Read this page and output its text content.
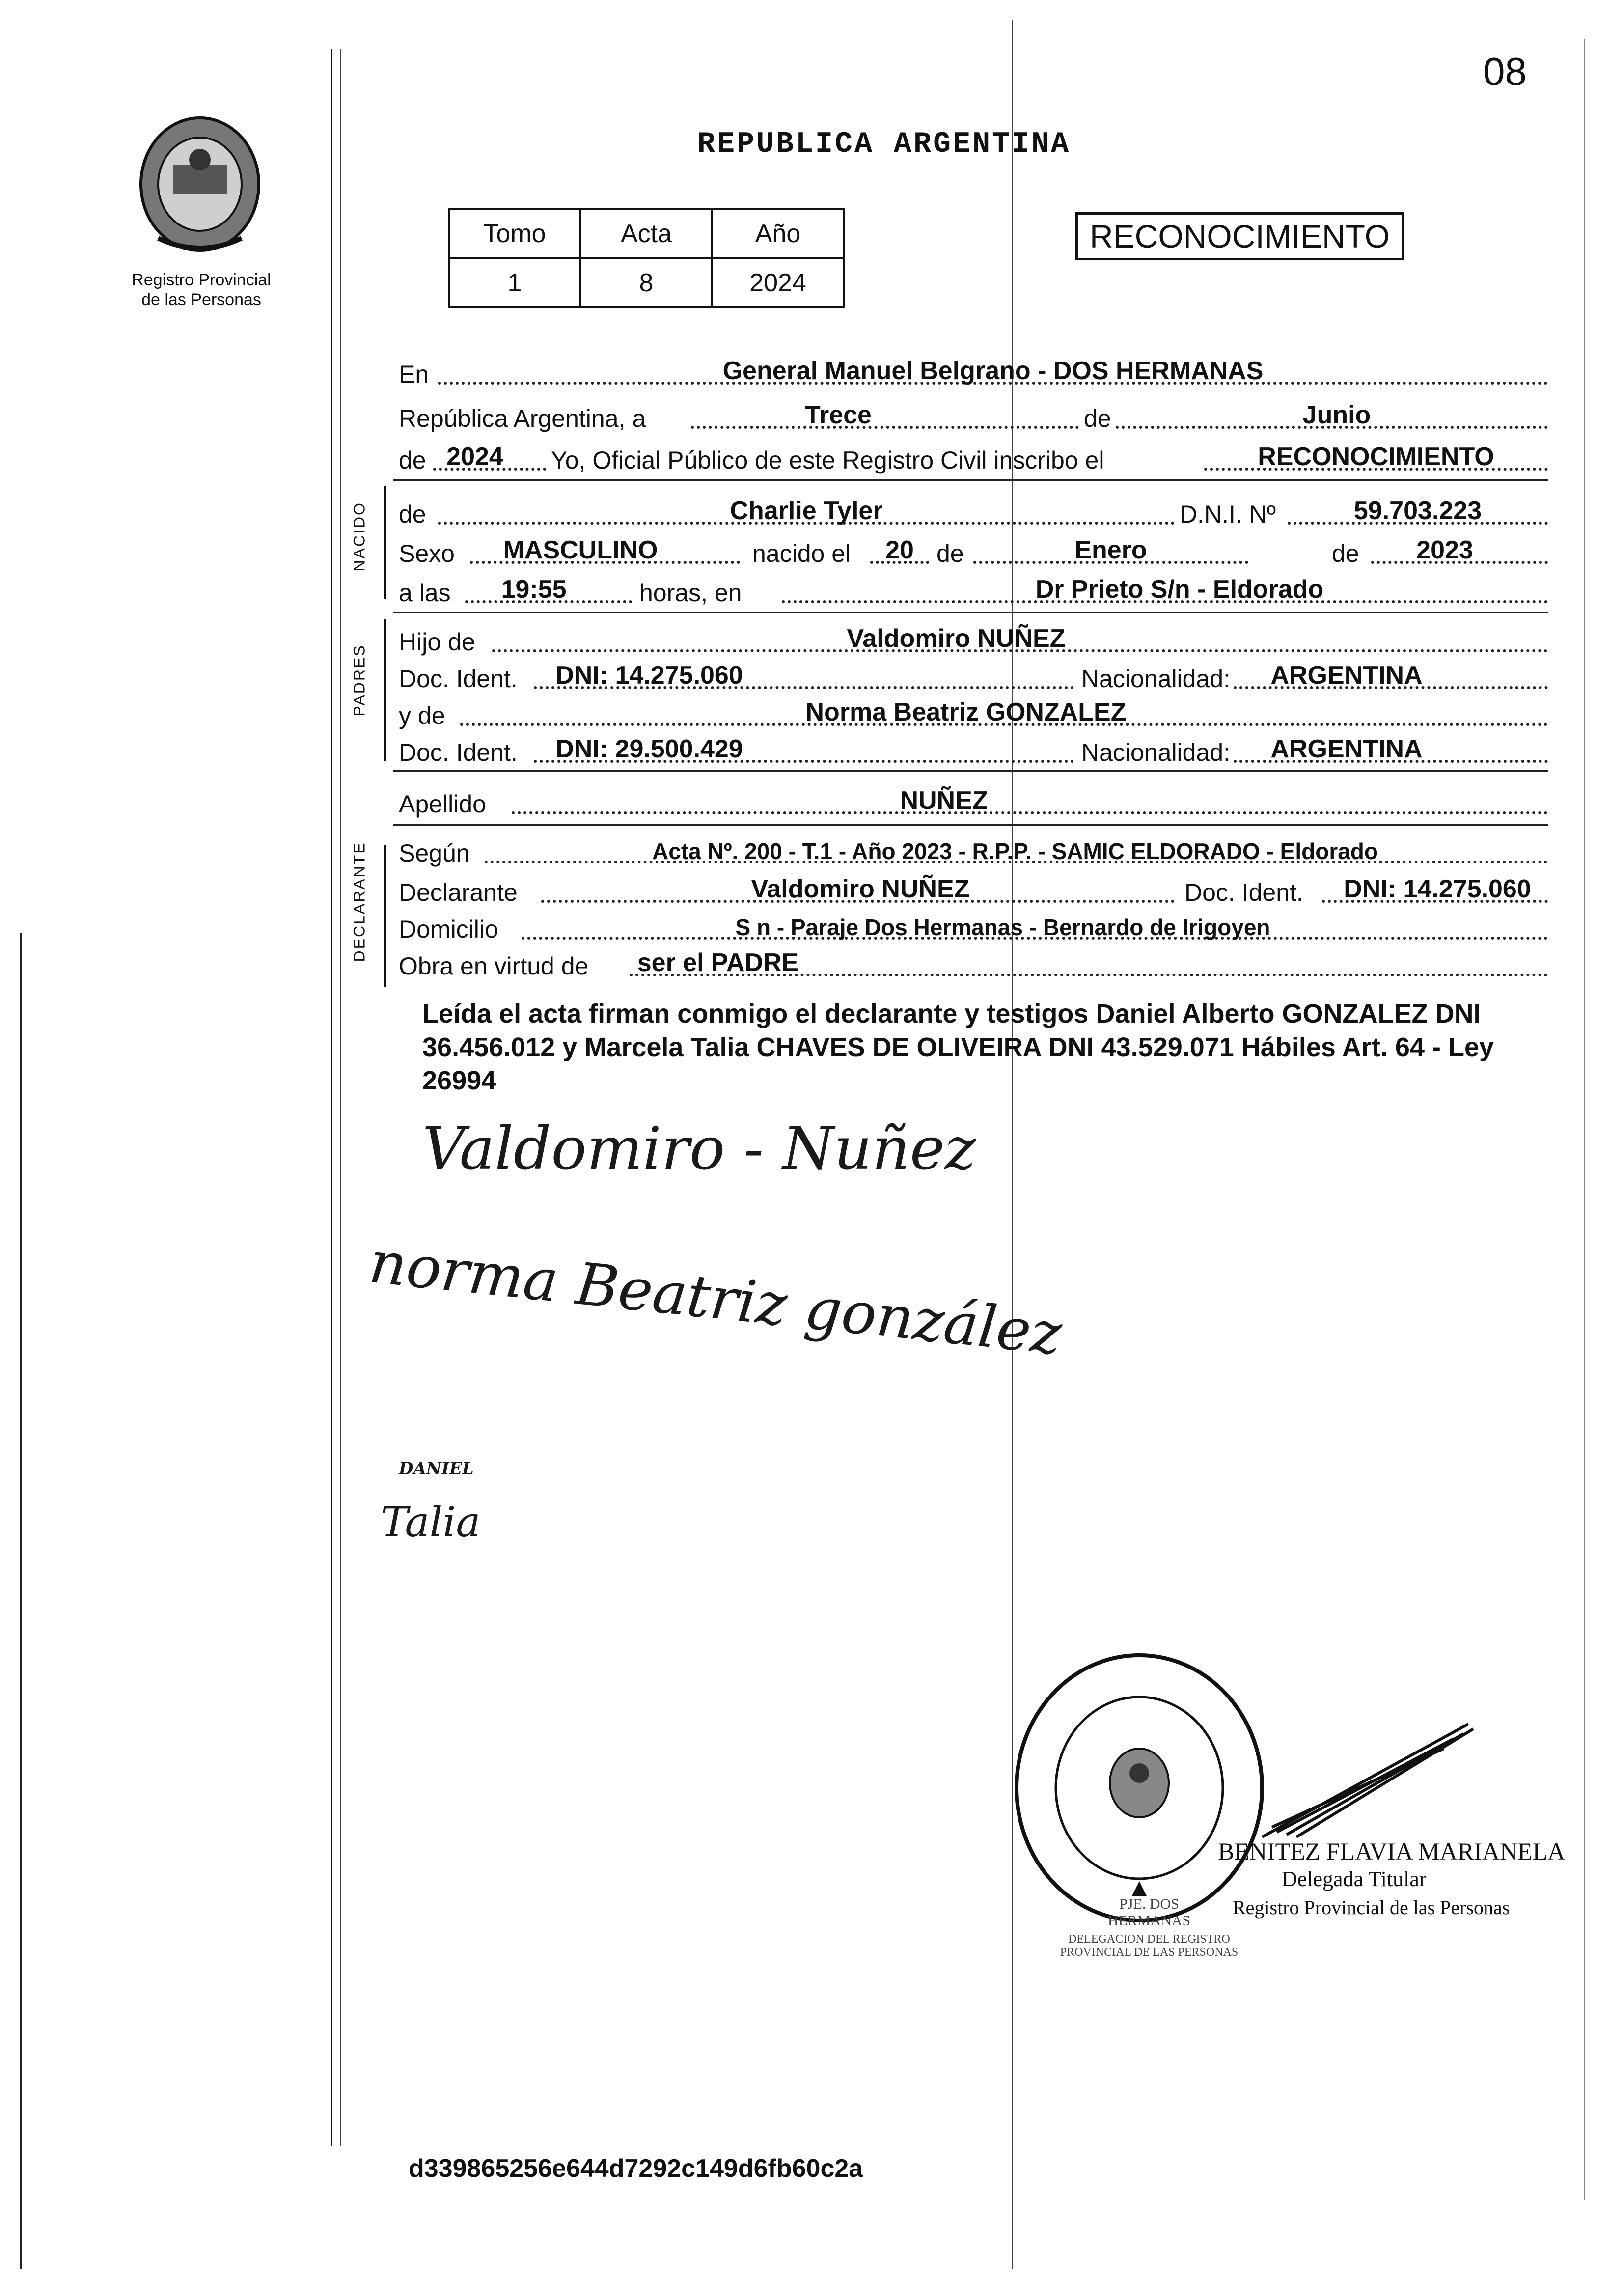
08
Registro Provincial
de las Personas
REPUBLICA ARGENTINA
Tomo	Acta	Año
1	8	2024
RECONOCIMIENTO
En	General Manuel Belgrano - DOS HERMANAS
República Argentina, a	Trece	de	Junio
de 2024	Yo, Oficial Público de este Registro Civil inscribo el	RECONOCIMIENTO
NACIDO de	Charlie Tyler	D.N.I. Nº	59.703.223
Sexo	MASCULINO	nacido el	20 de	Enero	de	2023
a las	19:55	horas, en	Dr Prieto S/n - Eldorado
PADRES
Hijo de	Valdomiro NUÑEZ
Doc. Ident.	DNI: 14.275.060	Nacionalidad:	ARGENTINA
y de	Norma Beatriz GONZALEZ
Doc. Ident.	DNI: 29.500.429	Nacionalidad:	ARGENTINA
Apellido	NUÑEZ
DECLARANTE Según	Acta Nº. 200 - T.1 - Año 2023 - R.P.P. - SAMIC ELDORADO - Eldorado
Declarante	Valdomiro NUÑEZ	Doc. Ident.	DNI: 14.275.060
Domicilio	S n - Paraje Dos Hermanas - Bernardo de Irigoyen
Obra en virtud de	ser el PADRE
Leída el acta firman conmigo el declarante y testigos Daniel Alberto GONZALEZ DNI 36.456.012 y Marcela Talia CHAVES DE OLIVEIRA DNI 43.529.071 Hábiles Art. 64 - Ley 26994
Valdomiro - Nuñez
norma Beatriz gonzález
DANIEL
Talia
DELEGACION DEL REGISTRO PROVINCIAL DE LAS PERSONAS
PJE. DOS HERMANAS
BENITEZ FLAVIA MARIANELA
Delegada Titular
Registro Provincial de las Personas
d339865256e644d7292c149d6fb60c2a
